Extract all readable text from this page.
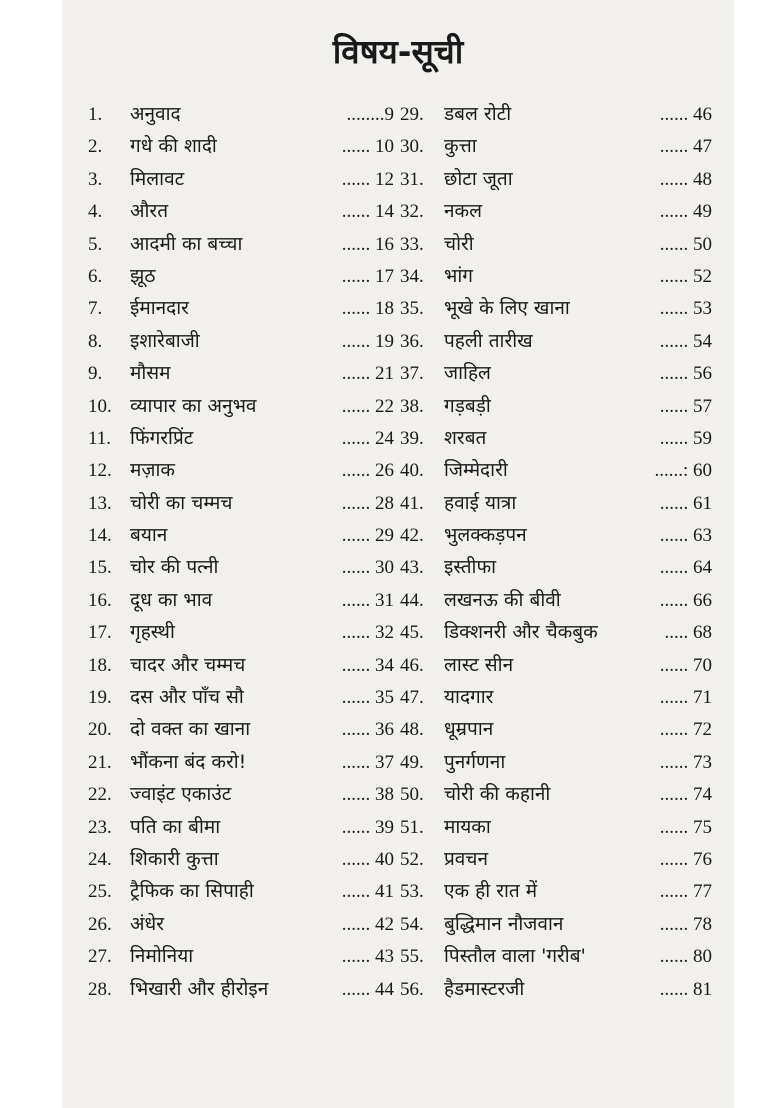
विषय-सूची
1.	अनुवाद	........9
2.	गधे की शादी	...... 10
3.	मिलावट	...... 12
4.	औरत	...... 14
5.	आदमी का बच्चा	...... 16
6.	झूठ	...... 17
7.	ईमानदार	...... 18
8.	इशारेबाजी	...... 19
9.	मौसम	...... 21
10. व्यापार का अनुभव	...... 22
11. फिंगरप्रिंट	...... 24
12. मज़ाक	...... 26
13. चोरी का चम्मच	...... 28
14. बयान	...... 29
15. चोर की पत्नी	...... 30
16. दूध का भाव	...... 31
17. गृहस्थी	...... 32
18. चादर और चम्मच	...... 34
19. दस और पाँच सौ	...... 35
20. दो वक्त का खाना	...... 36
21. भौंकना बंद करो!	...... 37
22. ज्वाइंट एकाउंट	...... 38
23. पति का बीमा	...... 39
24. शिकारी कुत्ता	...... 40
25. ट्रैफिक का सिपाही	...... 41
26. अंधेर	...... 42
27. निमोनिया	...... 43
28. भिखारी और हीरोइन	...... 44
29.	डबल रोटी	...... 46
30.	कुत्ता	...... 47
31.	छोटा जूता	...... 48
32.	नकल	...... 49
33.	चोरी	...... 50
34.	भांग	...... 52
35.	भूखे के लिए खाना	...... 53
36.	पहली तारीख	...... 54
37.	जाहिल	...... 56
38.	गड़बड़ी	...... 57
39.	शरबत	...... 59
40.	जिम्मेदारी	......: 60
41.	हवाई यात्रा	...... 61
42.	भुलक्कड़पन	...... 63
43.	इस्तीफा	...... 64
44.	लखनऊ की बीवी	...... 66
45.	डिक्शनरी और चैकबुक	..... 68
46.	लास्ट सीन	...... 70
47.	यादगार	...... 71
48.	धूम्रपान	...... 72
49.	पुनर्गणना	...... 73
50.	चोरी की कहानी	...... 74
51.	मायका	...... 75
52.	प्रवचन	...... 76
53.	एक ही रात में	...... 77
54.	बुद्धिमान नौजवान	...... 78
55.	पिस्तौल वाला 'गरीब'	...... 80
56.	हैडमास्टरजी	...... 81
